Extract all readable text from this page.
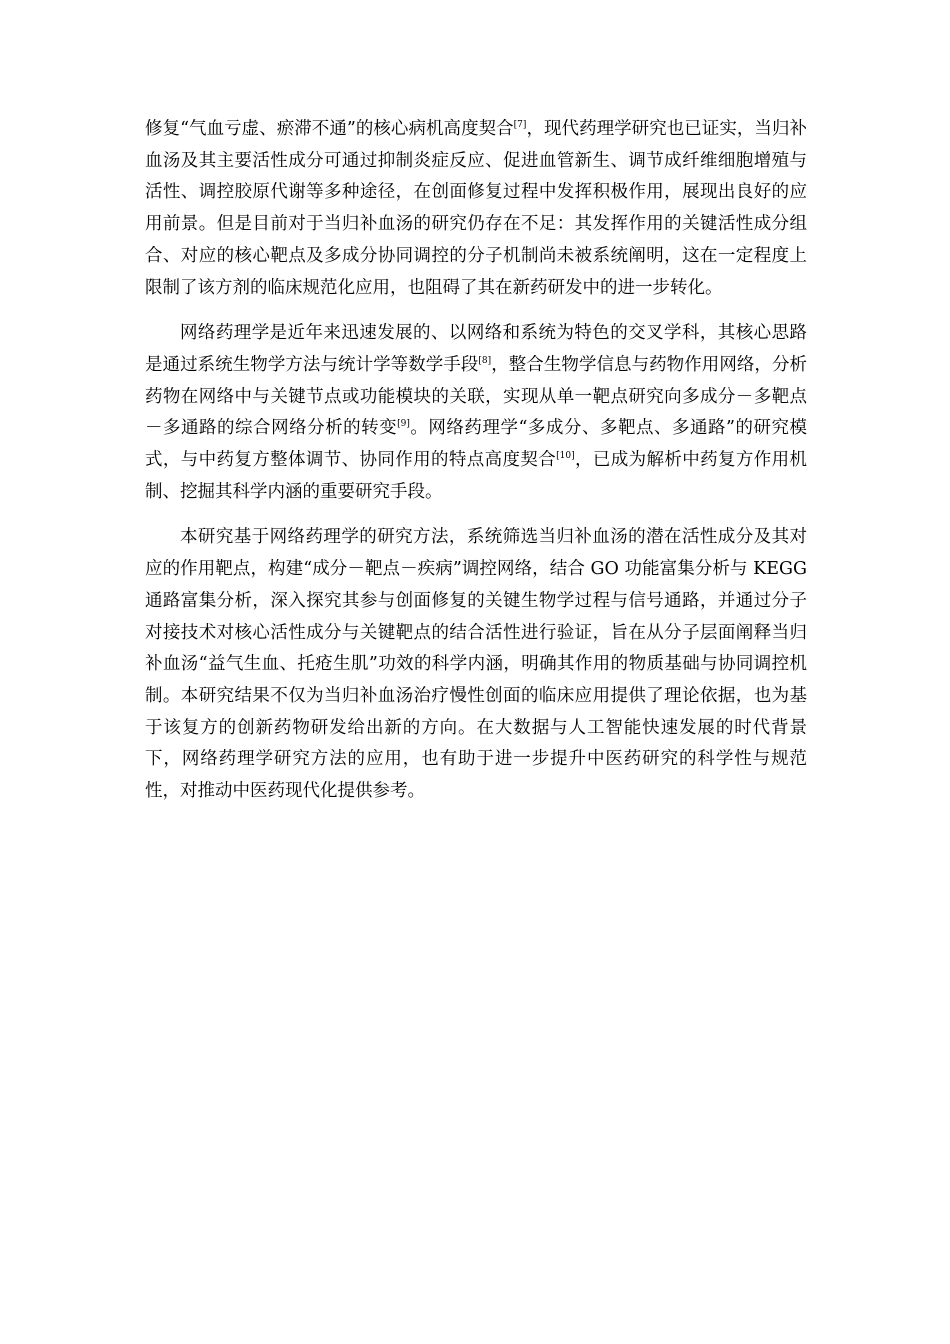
修复“气血亏虚、瘀滞不通”的核心病机高度契合[7]，现代药理学研究也已证实，当归补血汤及其主要活性成分可通过抑制炎症反应、促进血管新生、调节成纤维细胞增殖与活性、调控胶原代谢等多种途径，在创面修复过程中发挥积极作用，展现出良好的应用前景。但是目前对于当归补血汤的研究仍存在不足：其发挥作用的关键活性成分组合、对应的核心靶点及多成分协同调控的分子机制尚未被系统阐明，这在一定程度上限制了该方剂的临床规范化应用，也阻碍了其在新药研发中的进一步转化。

网络药理学是近年来迅速发展的、以网络和系统为特色的交叉学科，其核心思路是通过系统生物学方法与统计学等数学手段[8]，整合生物学信息与药物作用网络，分析药物在网络中与关键节点或功能模块的关联，实现从单一靶点研究向多成分－多靶点－多通路的综合网络分析的转变[9]。网络药理学“多成分、多靶点、多通路”的研究模式，与中药复方整体调节、协同作用的特点高度契合[10]，已成为解析中药复方作用机制、挖掘其科学内涵的重要研究手段。

本研究基于网络药理学的研究方法，系统筛选当归补血汤的潜在活性成分及其对应的作用靶点，构建“成分－靶点－疾病”调控网络，结合 GO 功能富集分析与 KEGG 通路富集分析，深入探究其参与创面修复的关键生物学过程与信号通路，并通过分子对接技术对核心活性成分与关键靶点的结合活性进行验证，旨在从分子层面阐释当归补血汤“益气生血、托疮生肌”功效的科学内涵，明确其作用的物质基础与协同调控机制。本研究结果不仅为当归补血汤治疗慢性创面的临床应用提供了理论依据，也为基于该复方的创新药物研发给出新的方向。在大数据与人工智能快速发展的时代背景下，网络药理学研究方法的应用，也有助于进一步提升中医药研究的科学性与规范性，对推动中医药现代化提供参考。
